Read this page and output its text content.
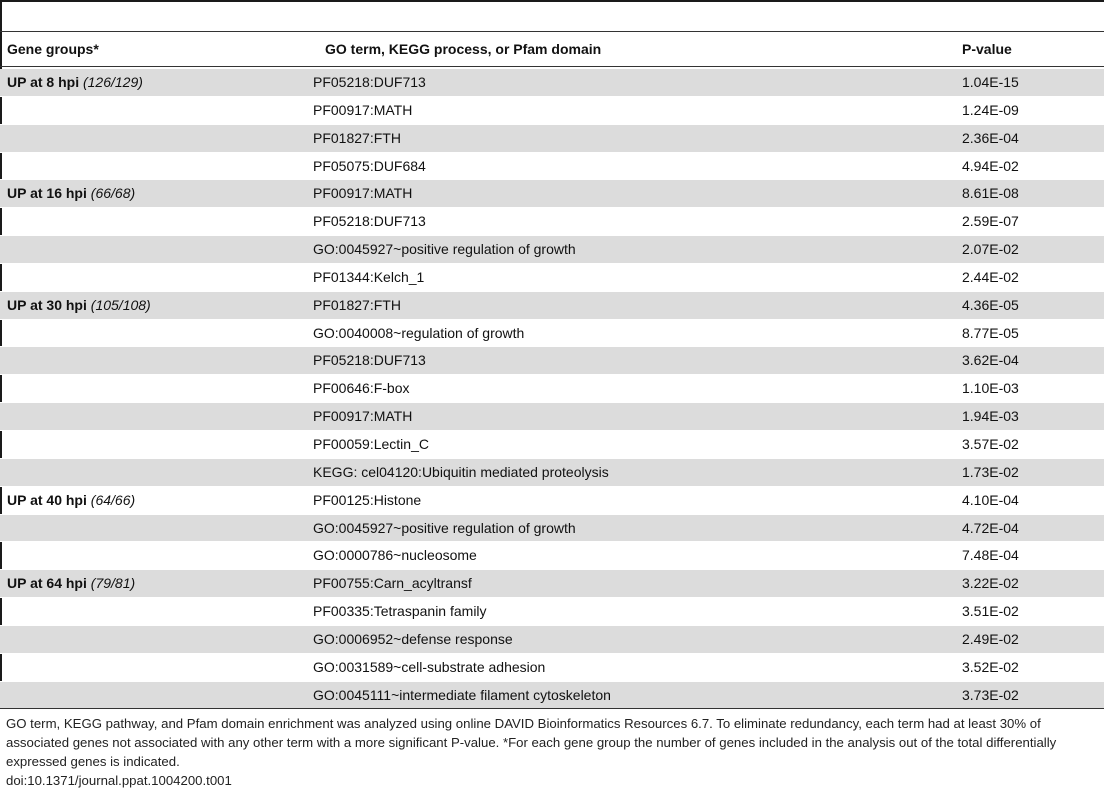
Gene groups*	GO term, KEGG process, or Pfam domain	P-value
UP at 8 hpi (126/129)	PF05218:DUF713	1.04E-15
PF00917:MATH	1.24E-09
PF01827:FTH	2.36E-04
PF05075:DUF684	4.94E-02
UP at 16 hpi (66/68)	PF00917:MATH	8.61E-08
PF05218:DUF713	2.59E-07
GO:0045927~positive regulation of growth	2.07E-02
PF01344:Kelch_1	2.44E-02
UP at 30 hpi (105/108)	PF01827:FTH	4.36E-05
GO:0040008~regulation of growth	8.77E-05
PF05218:DUF713	3.62E-04
PF00646:F-box	1.10E-03
PF00917:MATH	1.94E-03
PF00059:Lectin_C	3.57E-02
KEGG: cel04120:Ubiquitin mediated proteolysis	1.73E-02
UP at 40 hpi (64/66)	PF00125:Histone	4.10E-04
GO:0045927~positive regulation of growth	4.72E-04
GO:0000786~nucleosome	7.48E-04
UP at 64 hpi (79/81)	PF00755:Carn_acyltransf	3.22E-02
PF00335:Tetraspanin family	3.51E-02
GO:0006952~defense response	2.49E-02
GO:0031589~cell-substrate adhesion	3.52E-02
GO:0045111~intermediate filament cytoskeleton	3.73E-02
GO term, KEGG pathway, and Pfam domain enrichment was analyzed using online DAVID Bioinformatics Resources 6.7. To eliminate redundancy, each term had at least 30% of associated genes not associated with any other term with a more significant P-value. *For each gene group the number of genes included in the analysis out of the total differentially expressed genes is indicated.
doi:10.1371/journal.ppat.1004200.t001
